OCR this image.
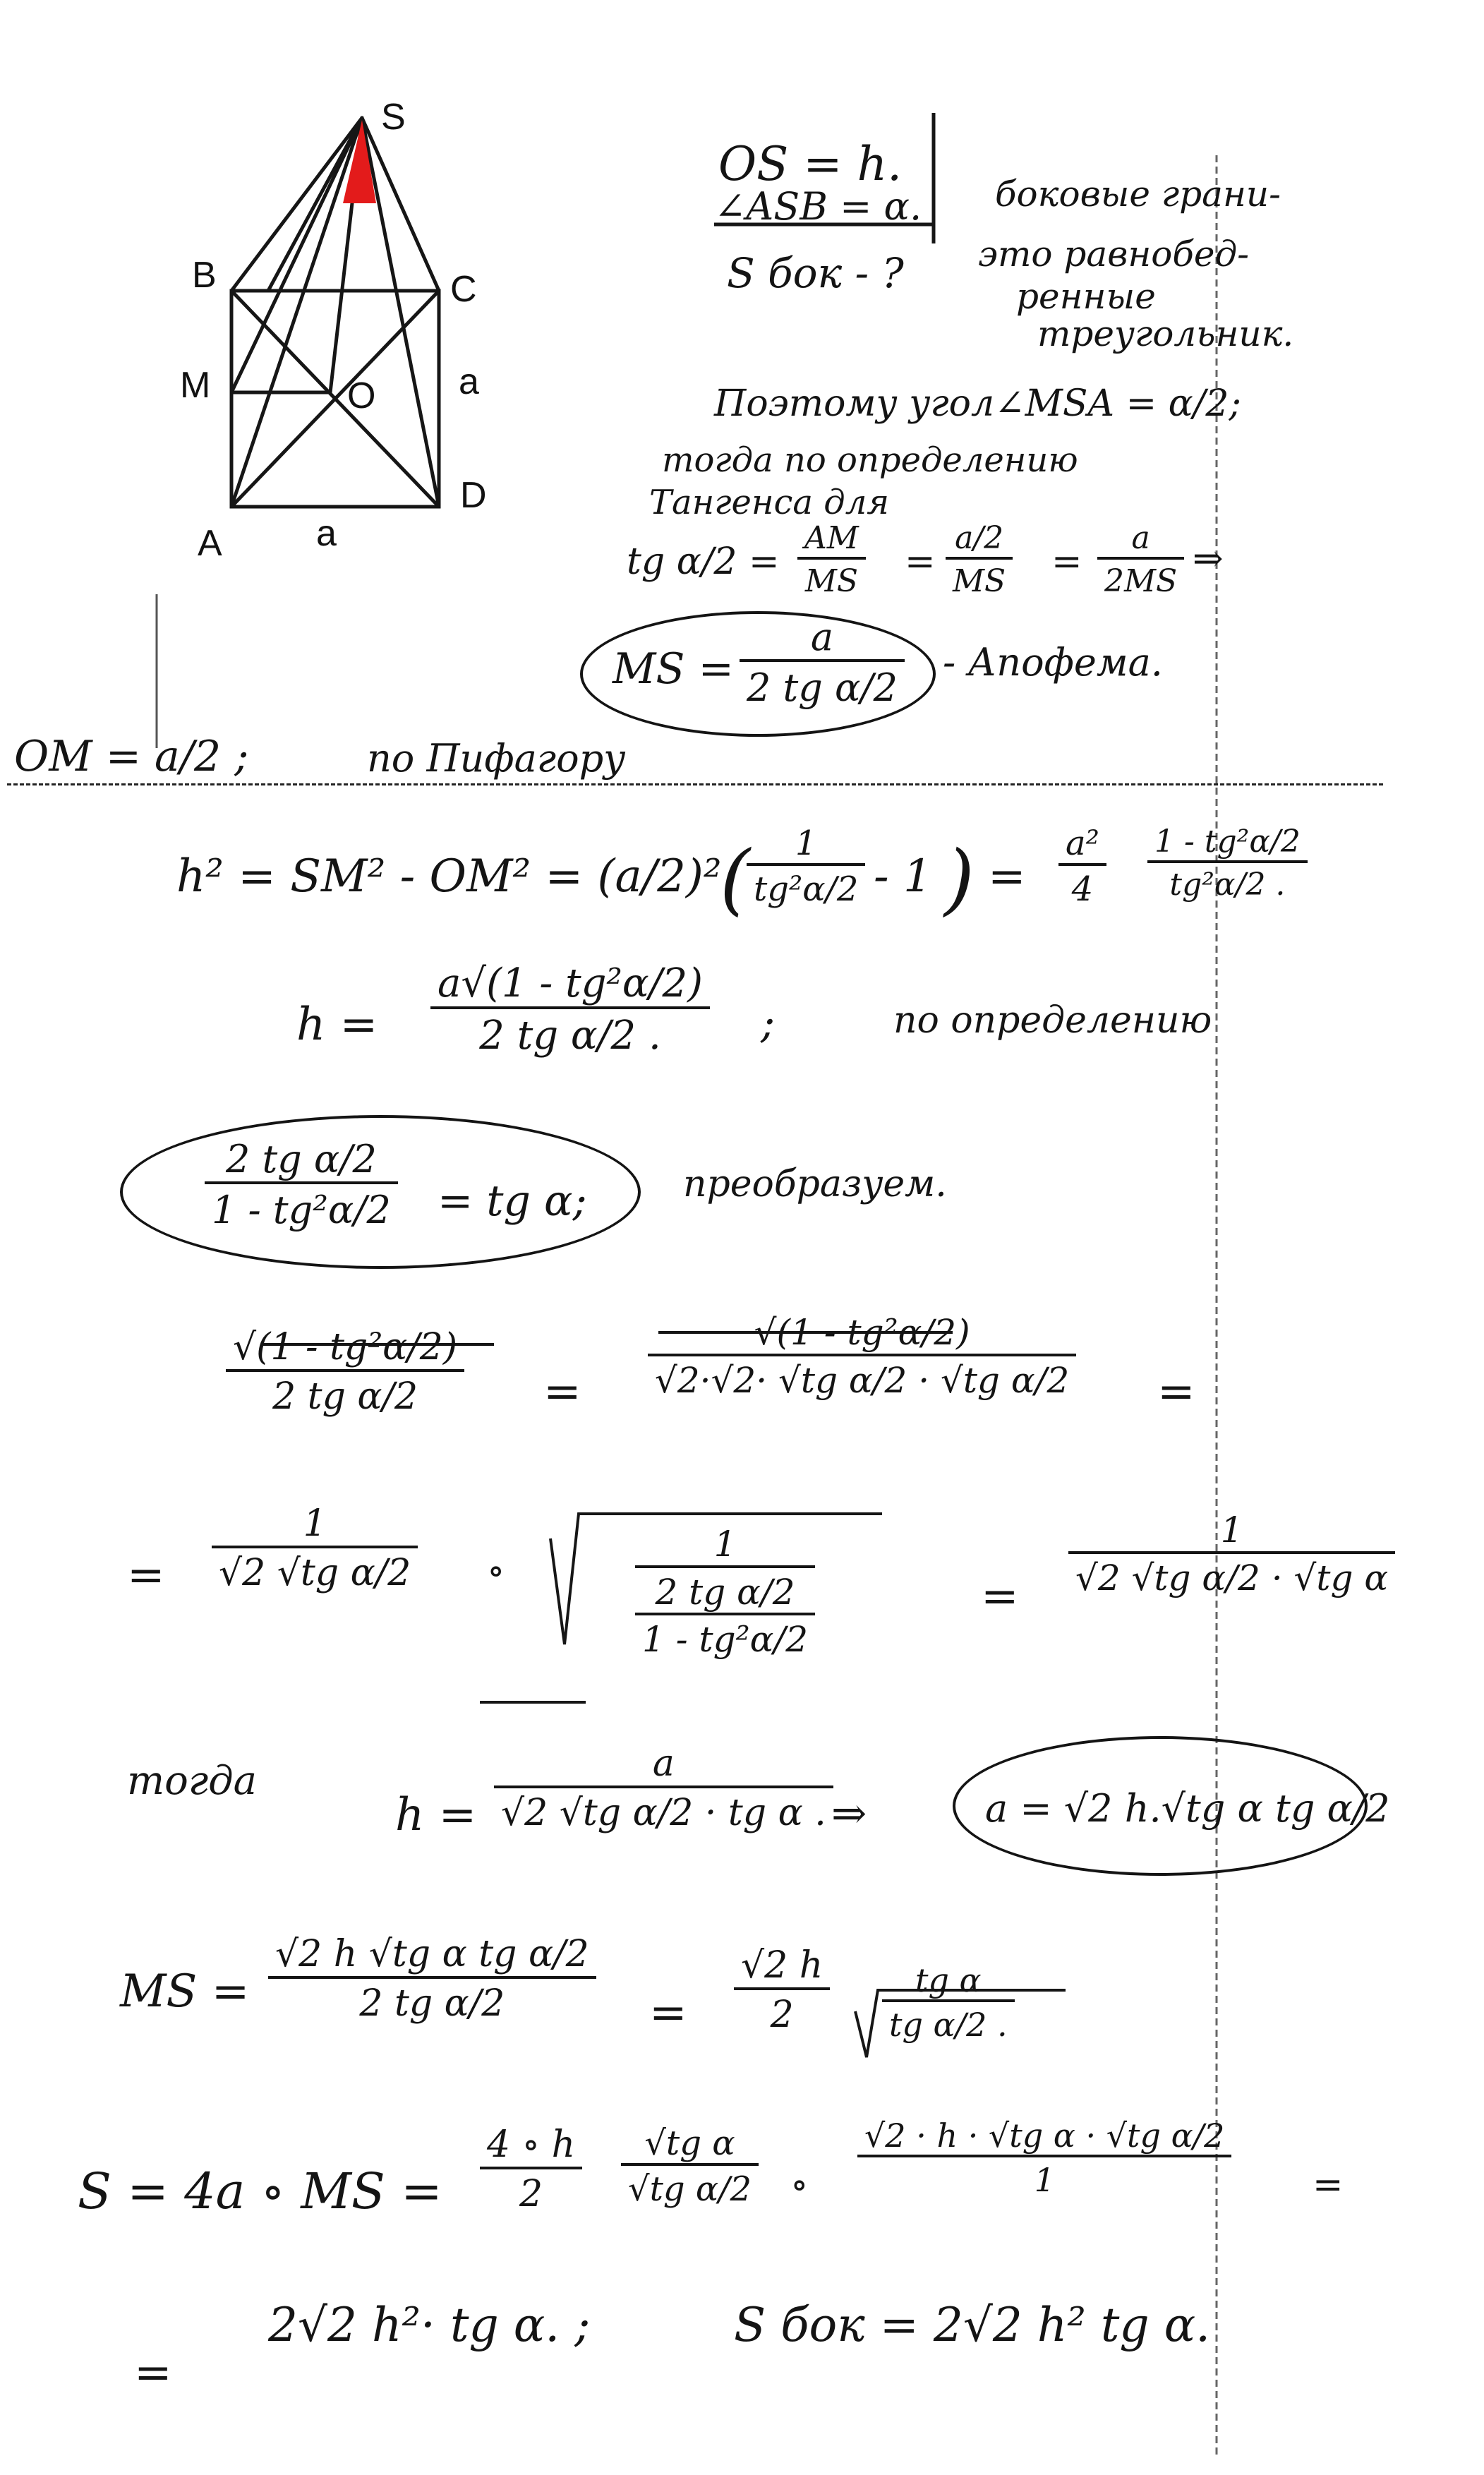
S
B	C
M	O a
D
A	a
OS = h.
∠ASB = α.
S бок - ?
боковые грани-
это равнобед-
ренные
треугольник.
Поэтому угол∠MSA = α/2;
тогда по определению
Тангенса для
tg $\alpha/2 = \frac{AM}{MS} = \frac{a/2}{MS} = \frac{a}{2MS}$ ⇒
MS = $\frac{a}{\text{2 tg α/2}}$ - Апофема.
OM = a/2 ;	по Пифагору
h² = SM² - OM² = (a/2)²
(
$\frac{1}{\text{tg²α/2}} - 1$ ) = $\frac{\text{a²}}{4} \frac{\text{1 - tg²α/2}}{\text{tg²α/2 .}}$
$h = \frac{\text{a√(1 - tg²α/2)}}{\text{2 tg α/2 .}}$ ;	по определению
$\frac{\text{2 tg α/2}}{\text{1 - tg²α/2}}$ = tg α;	преобразуем.
$\frac{\text{√(1 - tg²α/2)}}{\text{2 tg α/2}} = \frac{\text{√(1 - tg²α/2)}}{\text{√2·√2· √tg α/2 · √tg α/2}}$ =
= $\frac{1}{\text{√2 √tg α/2}}$ ∘
1
2 tg α/2
1 - tg²α/2
= $\frac{1}{\text{√2 √tg α/2 · √tg α}}$
тогда
$h = \frac{a}{\text{√2 √tg α/2 · tg α .}}$
⇒	a = √2 h.√tg α tg α/2
MS = $\frac{\text{√2 h √tg α tg α/2}}{\text{2 tg α/2}} = \frac{√2 h}{2} \frac{\text{tg α}}{\text{tg α/2 .}}$
S = 4a ∘ MS = $\frac{4 \circ h}{2} \frac{\text{√tg α}}{\text{√tg α/2}}$ ∘ $\frac{\text{√2 · h · √tg α · √tg α/2}}{1}$ =
=
2√2 h²· tg α. ;	S бок = 2√2 h² tg α.
